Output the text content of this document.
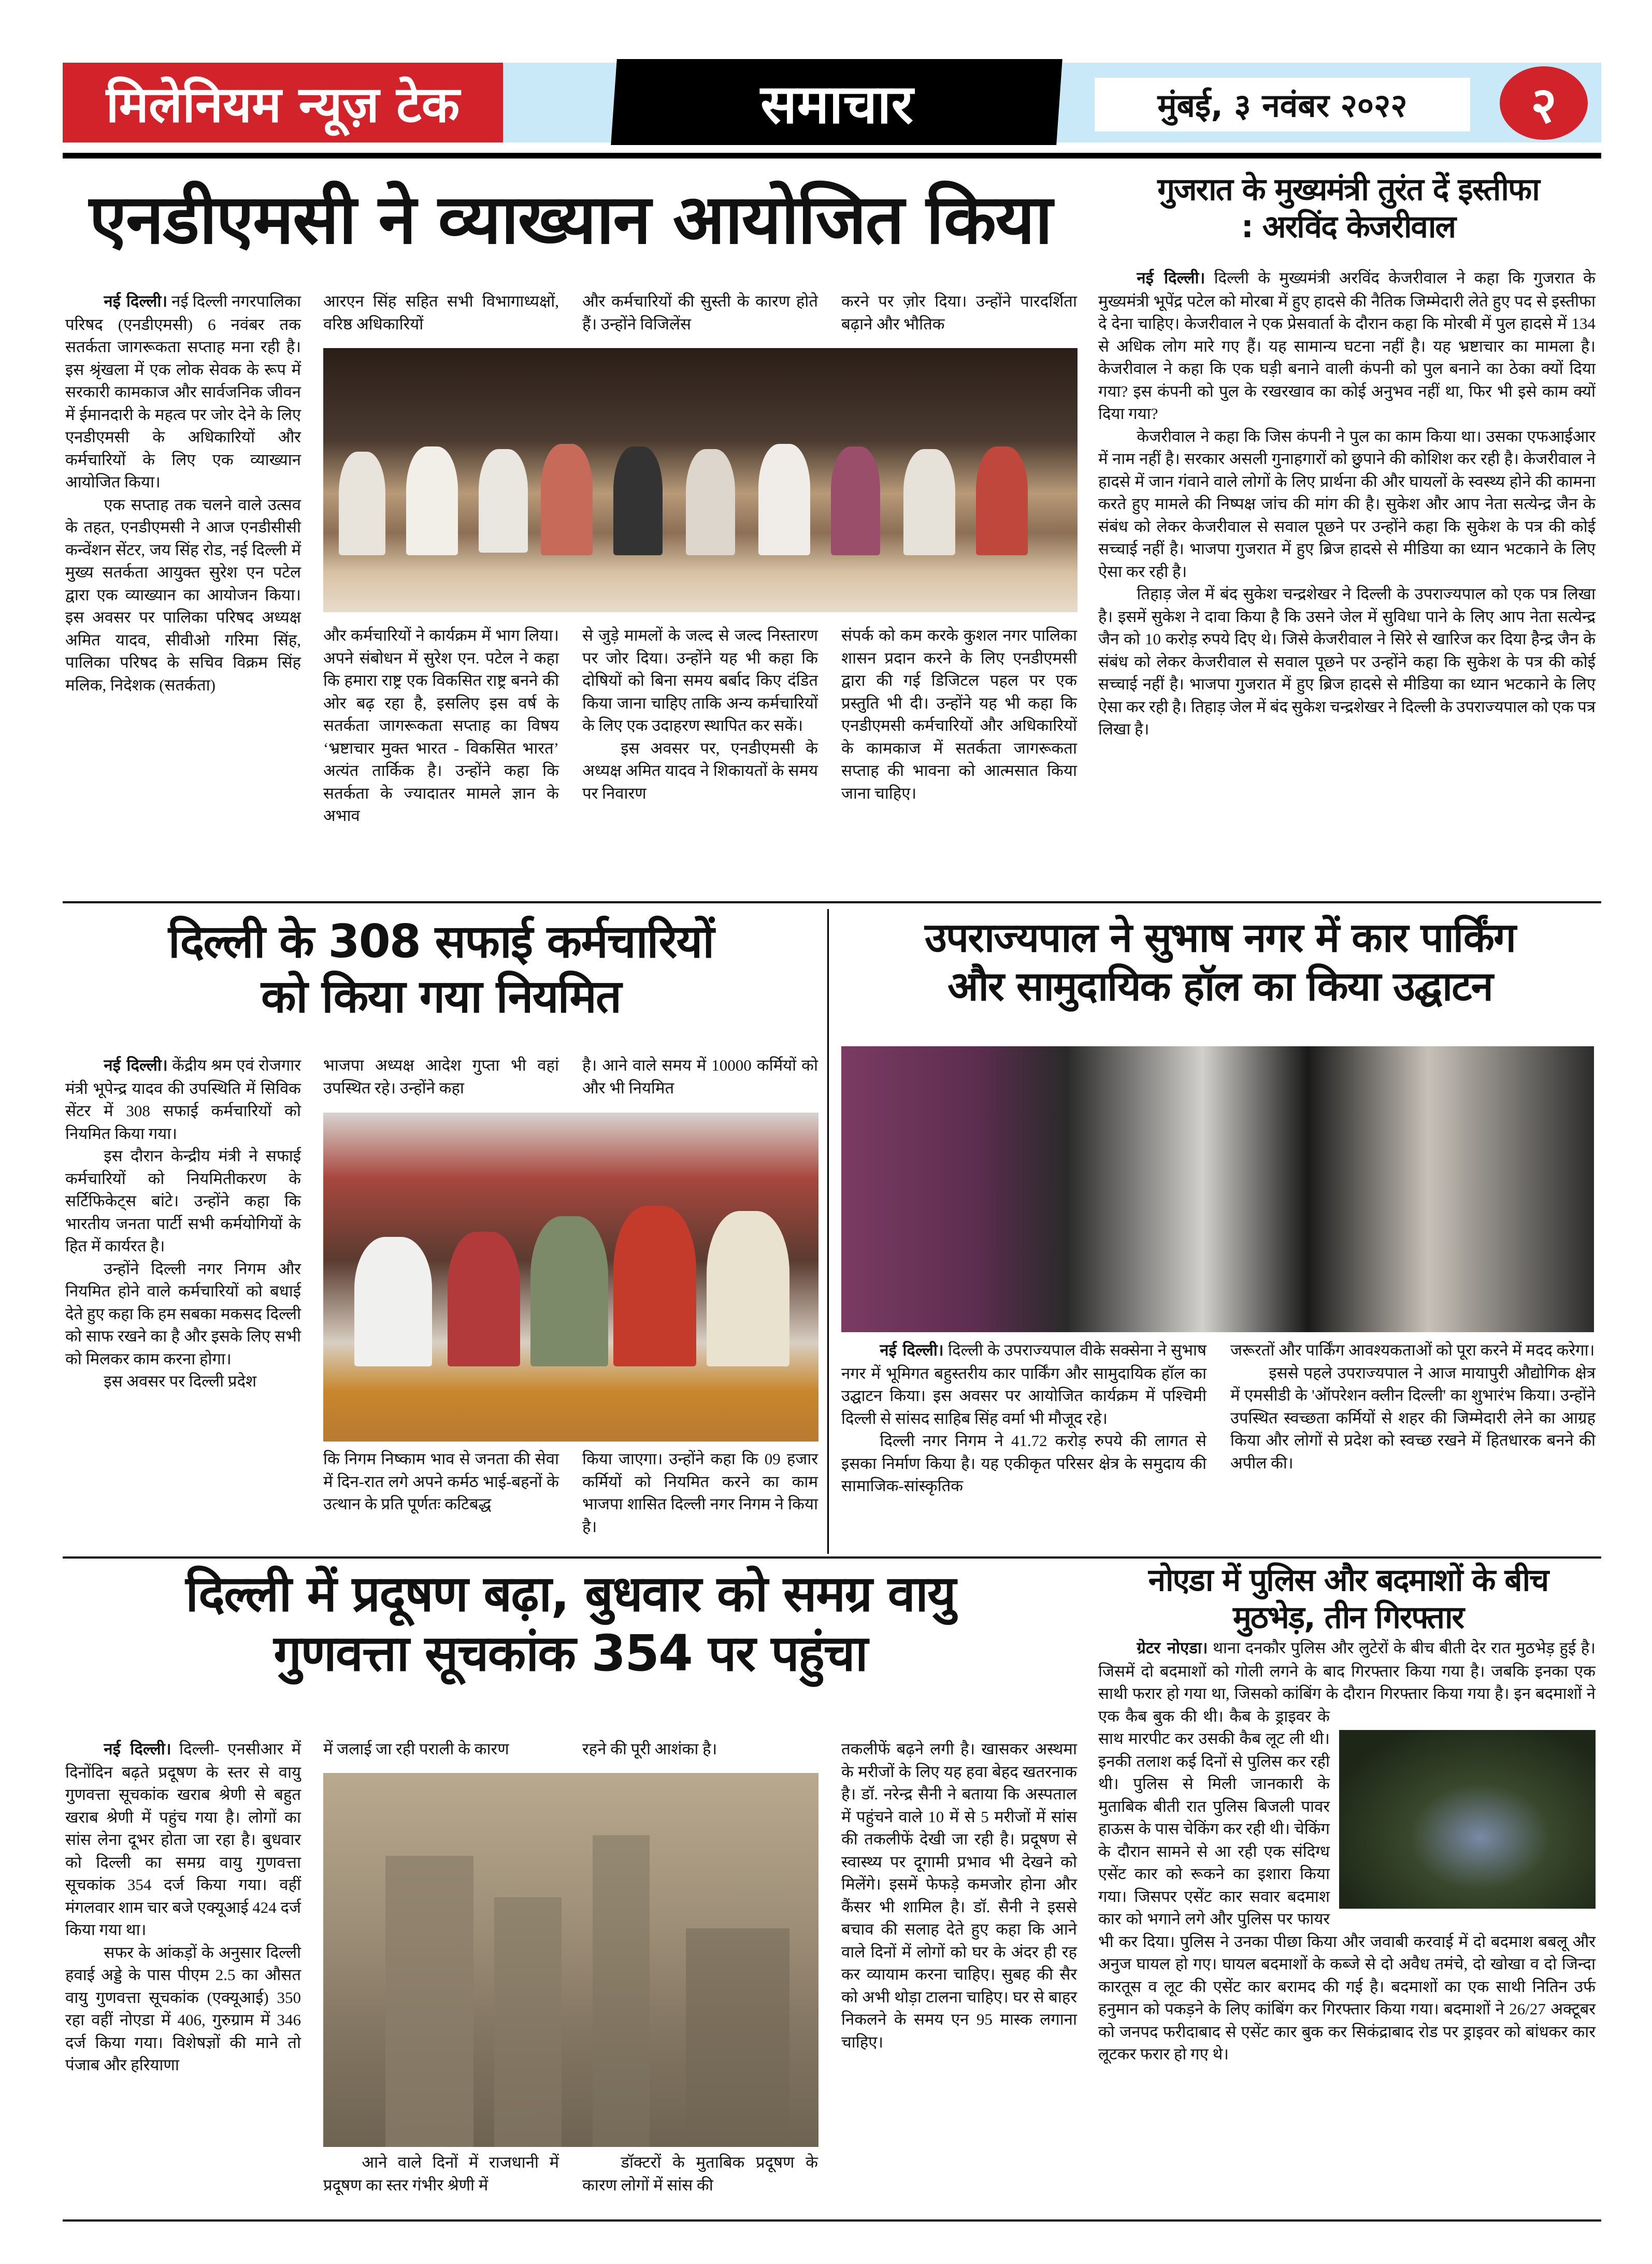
मिलेनियम न्यूज़ टेक	समाचार	मुंबई, ३ नवंबर २०२२ २
एनडीएमसी ने व्याख्यान आयोजित किया

नई दिल्ली। नई दिल्ली नगरपालिका परिषद (एनडीएमसी) 6 नवंबर तक सतर्कता जागरूकता सप्ताह मना रही है। इस श्रृंखला में एक लोक सेवक के रूप में सरकारी कामकाज और सार्वजनिक जीवन में ईमानदारी के महत्व पर जोर देने के लिए एनडीएमसी के अधिकारियों और कर्मचारियों के लिए एक व्याख्यान आयोजित किया।

एक सप्ताह तक चलने वाले उत्सव के तहत, एनडीएमसी ने आज एनडीसीसी कन्वेंशन सेंटर, जय सिंह रोड, नई दिल्ली में मुख्य सतर्कता आयुक्त सुरेश एन पटेल द्वारा एक व्याख्यान का आयोजन किया। इस अवसर पर पालिका परिषद अध्यक्ष अमित यादव, सीवीओ गरिमा सिंह, पालिका परिषद के सचिव विक्रम सिंह मलिक, निदेशक (सतर्कता)

आरएन सिंह सहित सभी विभागाध्यक्षों, वरिष्ठ अधिकारियों

और कर्मचारियों की सुस्ती के कारण होते हैं। उन्होंने विजिलेंस

करने पर ज़ोर दिया। उन्होंने पारदर्शिता बढ़ाने और भौतिक

और कर्मचारियों ने कार्यक्रम में भाग लिया। अपने संबोधन में सुरेश एन. पटेल ने कहा कि हमारा राष्ट्र एक विकसित राष्ट्र बनने की ओर बढ़ रहा है, इसलिए इस वर्ष के सतर्कता जागरूकता सप्ताह का विषय ‘भ्रष्टाचार मुक्त भारत - विकसित भारत’ अत्यंत तार्किक है। उन्होंने कहा कि सतर्कता के ज्यादातर मामले ज्ञान के अभाव

से जुड़े मामलों के जल्द से जल्द निस्तारण पर जोर दिया। उन्होंने यह भी कहा कि दोषियों को बिना समय बर्बाद किए दंडित किया जाना चाहिए ताकि अन्य कर्मचारियों के लिए एक उदाहरण स्थापित कर सकें।

इस अवसर पर, एनडीएमसी के अध्यक्ष अमित यादव ने शिकायतों के समय पर निवारण

संपर्क को कम करके कुशल नगर पालिका शासन प्रदान करने के लिए एनडीएमसी द्वारा की गई डिजिटल पहल पर एक प्रस्तुति भी दी। उन्होंने यह भी कहा कि एनडीएमसी कर्मचारियों और अधिकारियों के कामकाज में सतर्कता जागरूकता सप्ताह की भावना को आत्मसात किया जाना चाहिए।

गुजरात के मुख्यमंत्री तुरंत दें इस्तीफा
: अरविंद केजरीवाल

नई दिल्ली। दिल्ली के मुख्यमंत्री अरविंद केजरीवाल ने कहा कि गुजरात के मुख्यमंत्री भूपेंद्र पटेल को मोरबा में हुए हादसे की नैतिक जिम्मेदारी लेते हुए पद से इस्तीफा दे देना चाहिए। केजरीवाल ने एक प्रेसवार्ता के दौरान कहा कि मोरबी में पुल हादसे में 134 से अधिक लोग मारे गए हैं। यह सामान्य घटना नहीं है। यह भ्रष्टाचार का मामला है। केजरीवाल ने कहा कि एक घड़ी बनाने वाली कंपनी को पुल बनाने का ठेका क्यों दिया गया? इस कंपनी को पुल के रखरखाव का कोई अनुभव नहीं था, फिर भी इसे काम क्यों दिया गया?

केजरीवाल ने कहा कि जिस कंपनी ने पुल का काम किया था। उसका एफआईआर में नाम नहीं है। सरकार असली गुनाहगारों को छुपाने की कोशिश कर रही है। केजरीवाल ने हादसे में जान गंवाने वाले लोगों के लिए प्रार्थना की और घायलों के स्वस्थ्य होने की कामना करते हुए मामले की निष्पक्ष जांच की मांग की है। सुकेश और आप नेता सत्येन्द्र जैन के संबंध को लेकर केजरीवाल से सवाल पूछने पर उन्होंने कहा कि सुकेश के पत्र की कोई सच्चाई नहीं है। भाजपा गुजरात में हुए ब्रिज हादसे से मीडिया का ध्यान भटकाने के लिए ऐसा कर रही है।

तिहाड़ जेल में बंद सुकेश चन्द्रशेखर ने दिल्ली के उपराज्यपाल को एक पत्र लिखा है। इसमें सुकेश ने दावा किया है कि उसने जेल में सुविधा पाने के लिए आप नेता सत्येन्द्र जैन को 10 करोड़ रुपये दिए थे। जिसे केजरीवाल ने सिरे से खारिज कर दिया हैेन्द्र जैन के संबंध को लेकर केजरीवाल से सवाल पूछने पर उन्होंने कहा कि सुकेश के पत्र की कोई सच्चाई नहीं है। भाजपा गुजरात में हुए ब्रिज हादसे से मीडिया का ध्यान भटकाने के लिए ऐसा कर रही है। तिहाड़ जेल में बंद सुकेश चन्द्रशेखर ने दिल्ली के उपराज्यपाल को एक पत्र लिखा है।

दिल्ली के 308 सफाई कर्मचारियों
को किया गया नियमित

नई दिल्ली। केंद्रीय श्रम एवं रोजगार मंत्री भूपेन्द्र यादव की उपस्थिति में सिविक सेंटर में 308 सफाई कर्मचारियों को नियमित किया गया।

इस दौरान केन्द्रीय मंत्री ने सफाई कर्मचारियों को नियमितीकरण के सर्टिफिकेट्स बांटे। उन्होंने कहा कि भारतीय जनता पार्टी सभी कर्मयोगियों के हित में कार्यरत है।

उन्होंने दिल्ली नगर निगम और नियमित होने वाले कर्मचारियों को बधाई देते हुए कहा कि हम सबका मकसद दिल्ली को साफ रखने का है और इसके लिए सभी को मिलकर काम करना होगा।

इस अवसर पर दिल्ली प्रदेश

भाजपा अध्यक्ष आदेश गुप्ता भी वहां उपस्थित रहे। उन्होंने कहा

है। आने वाले समय में 10000 कर्मियों को और भी नियमित

कि निगम निष्काम भाव से जनता की सेवा में दिन-रात लगे अपने कर्मठ भाई-बहनों के उत्थान के प्रति पूर्णतः कटिबद्ध

किया जाएगा। उन्होंने कहा कि 09 हजार कर्मियों को नियमित करने का काम भाजपा शासित दिल्ली नगर निगम ने किया है।

उपराज्यपाल ने सुभाष नगर में कार पार्किंग
और सामुदायिक हॉल का किया उद्घाटन

नई दिल्ली। दिल्ली के उपराज्यपाल वीके सक्सेना ने सुभाष नगर में भूमिगत बहुस्तरीय कार पार्किंग और सामुदायिक हॉल का उद्घाटन किया। इस अवसर पर आयोजित कार्यक्रम में पश्चिमी दिल्ली से सांसद साहिब सिंह वर्मा भी मौजूद रहे।

दिल्ली नगर निगम ने 41.72 करोड़ रुपये की लागत से इसका निर्माण किया है। यह एकीकृत परिसर क्षेत्र के समुदाय की सामाजिक-सांस्कृतिक

जरूरतों और पार्किंग आवश्यकताओं को पूरा करने में मदद करेगा।

इससे पहले उपराज्यपाल ने आज मायापुरी औद्योगिक क्षेत्र में एमसीडी के 'ऑपरेशन क्लीन दिल्ली' का शुभारंभ किया। उन्होंने उपस्थित स्वच्छता कर्मियों से शहर की जिम्मेदारी लेने का आग्रह किया और लोगों से प्रदेश को स्वच्छ रखने में हितधारक बनने की अपील की।

दिल्ली में प्रदूषण बढ़ा, बुधवार को समग्र वायु
गुणवत्ता सूचकांक 354 पर पहुंचा

नई दिल्ली। दिल्ली- एनसीआर में दिनोंदिन बढ़ते प्रदूषण के स्तर से वायु गुणवत्ता सूचकांक खराब श्रेणी से बहुत खराब श्रेणी में पहुंच गया है। लोगों का सांस लेना दूभर होता जा रहा है। बुधवार को दिल्ली का समग्र वायु गुणवत्ता सूचकांक 354 दर्ज किया गया। वहीं मंगलवार शाम चार बजे एक्यूआई 424 दर्ज किया गया था।

सफर के आंकड़ों के अनुसार दिल्ली हवाई अड्डे के पास पीएम 2.5 का औसत वायु गुणवत्ता सूचकांक (एक्यूआई) 350 रहा वहीं नोएडा में 406, गुरुग्राम में 346 दर्ज किया गया। विशेषज्ञों की माने तो पंजाब और हरियाणा

में जलाई जा रही पराली के कारण	रहने की पूरी आशंका है।

आने वाले दिनों में राजधानी में प्रदूषण का स्तर गंभीर श्रेणी में

डॉक्टरों के मुताबिक प्रदूषण के कारण लोगों में सांस की

तकलीफें बढ़ने लगी है। खासकर अस्थमा के मरीजों के लिए यह हवा बेहद खतरनाक है। डॉ. नरेन्द्र सैनी ने बताया कि अस्पताल में पहुंचने वाले 10 में से 5 मरीजों में सांस की तकलीफें देखी जा रही है। प्रदूषण से स्वास्थ्य पर दूगामी प्रभाव भी देखने को मिलेंगे। इसमें फेफड़े कमजोर होना और कैंसर भी शामिल है। डॉ. सैनी ने इससे बचाव की सलाह देते हुए कहा कि आने वाले दिनों में लोगों को घर के अंदर ही रह कर व्यायाम करना चाहिए। सुबह की सैर को अभी थोड़ा टालना चाहिए। घर से बाहर निकलने के समय एन 95 मास्क लगाना चाहिए।

नोएडा में पुलिस और बदमाशों के बीच
मुठभेड़, तीन गिरफ्तार

ग्रेटर नोएडा। थाना दनकौर पुलिस और लुटेरों के बीच बीती देर रात मुठभेड़ हुई है। जिसमें दो बदमाशों को गोली लगने के बाद गिरफ्तार किया गया है। जबकि इनका एक साथी फरार हो गया था, जिसको कांबिंग के दौरान गिरफ्तार किया गया है। इन बदमाशों ने एक कैब बुक की थी। कैब के ड्राइवर के साथ मारपीट कर उसकी कैब लूट ली थी। इनकी तलाश कई दिनों से पुलिस कर रही थी। पुलिस से मिली जानकारी के मुताबिक बीती रात पुलिस बिजली पावर हाऊस के पास चेकिंग कर रही थी। चेकिंग के दौरान सामने से आ रही एक संदिग्ध एसेंट कार को रूकने का इशारा किया गया। जिसपर एसेंट कार सवार बदमाश कार को भगाने लगे और पुलिस पर फायर भी कर दिया। पुलिस ने उनका पीछा किया और जवाबी करवाई में दो बदमाश बबलू और अनुज घायल हो गए। घायल बदमाशों के कब्जे से दो अवैध तमंचे, दो खोखा व दो जिन्दा कारतूस व लूट की एसेंट कार बरामद की गई है। बदमाशों का एक साथी नितिन उर्फ हनुमान को पकड़ने के लिए कांबिंग कर गिरफ्तार किया गया। बदमाशों ने 26/27 अक्टूबर को जनपद फरीदाबाद से एसेंट कार बुक कर सिकंद्राबाद रोड पर ड्राइवर को बांधकर कार लूटकर फरार हो गए थे।
